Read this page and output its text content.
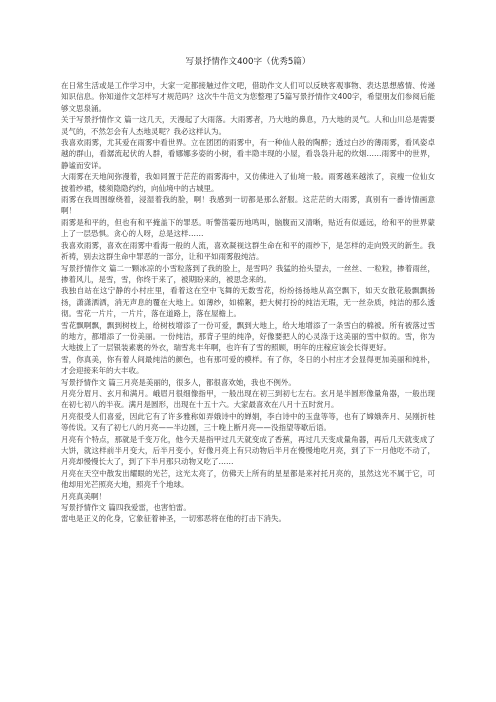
写景抒情作文400字（优秀5篇）

在日常生活或是工作学习中，大家一定都接触过作文吧，借助作文人们可以反映客观事物、表达思想感情、传递知识信息。你知道作文怎样写才规范吗？这次牛牛范文为您整理了5篇写景抒情作文400字，希望朋友们参阅后能够文思泉涌。

关于写景抒情作文 篇一这几天，天漫起了大雨落。大雨雾者，乃大地的鼻息，乃大地的灵气。人和山川总是需要灵气的，不然怎会有人杰地灵呢？我必这样认为。

我喜欢雨雾，尤其爱在雨雾中看世界。立在团团的雨雾中，有一种仙人般的陶醉；透过白沙的薄雨雾，看风姿卓越的群山，看潺流起伏的人群，看娜娜多姿的小树，看丰隐丰现的小屋，看袅袅升起的炊烟……雨雾中的世界，静谧而安详。

大雨雾在天地间弥漫着，我如同置于茫茫的雨雾海中，又仿佛进入了仙境一般。雨雾越来越浓了，哀瘦一位仙女披着纱裙，楼须隐隐约约，向仙境中的古城里。

雨雾在我周围缭绕着，浸湿着我的脸，啊！我感到一切都是那么舒服。这茫茫的大雨雾，真别有一番诗情画意啊！

雨雾是和平的，但也有和平掩盖下的罪恶。听警笛霎历地鸣叫，脑腹而又清晰，贴近有似遥远，给和平的世界蒙上了一层恐惧。贪心的人呀，总是这样……

我喜欢雨雾，喜欢在雨雾中看海一般的人流，喜欢凝视这群生命在和平的雨纱下，是怎样的走向毁灭的新生。我祈祷，别去这群生命中罪恶的一部分，让和平如雨雾般纯洁。

写景抒情作文 篇二一颗冰凉的小雪粒落到了我的脸上，是雪吗？我猛的抬头望去，一丝丝、一粒粒，掺着雨丝，掺着风儿，是雪，雪，你终于来了，被期盼来的，被思念来的。

我独自站在这宁静的小村庄里，看着这在空中飞舞的无数雪花，纷纷扬扬地从高空飘下，如天女散花般飘飘扬扬，潇潇洒洒，消无声息的覆在大地上。如薄纱，如棉絮，把大树打扮的纯洁无瑕，无一丝杂质，纯洁的那么透彻。雪花一片片，一片片，落在道路上，落在屋檐上。

雪花飘啊飘，飘到树枝上，给树枝增添了一份可爱，飘到大地上，给大地增添了一条雪白的棉被。所有被落过雪的地方，都增添了一份美丽。一份纯洁，那背子里的纯净，好像要把人的心灵涤于这美丽的雪中似的。雪，你为大地披上了一层银装素裹的外衣，瑞雪兆丰年啊，也许有了雪的照顾，明年的庄稼应该会长得更好。

雪，你真美，你有着人间最纯洁的颜色，也有那可爱的模样。有了你，冬日的小村庄才会显得更加美丽和纯朴，才会迎接来年的大丰收。

写景抒情作文 篇三月亮是美丽的，很多人，都很喜欢她，我也不例外。

月亮分眉月、玄月和满月。峨眉月很细像指甲，一般出现在初三到初七左右。玄月是半圆形像量角器，一般出现在初七初八的半夜。满月是圆形，出现在十五十六。大家最喜欢在八月十五时赏月。

月亮很受人们喜爱，因此它有了许多雅称如弄娥诗中的婵娟，李白诗中的玉盘等等，也有了嫦娥奔月、吴刚折桂等传说。又有了初七八的月亮——半边圆，三十晚上断月亮——没指望等歇后语。

月亮有个特点，那就是千变万化，他今天是指甲过几天就变成了香蕉，再过几天变成量角器，再后几天就变成了大饼，就这样前半月变大，后半月变小，好像月亮上有只动物后半月在慢慢地吃月亮，到了下一月他吃不动了，月亮却慢慢长大了，到了下半月那只动物又吃了……

月亮在天空中散发出耀眼的光芒，这光太亮了，仿佛天上所有的星星都是来衬托月亮的，虽然这光不属于它，可他却用光芒照亮大地，照亮千个地球。

月亮真美啊！

写景抒情作文 篇四我爱雷，也害怕雷。

雷电是正义的化身，它象征着神圣，一切邪恶将在他的打击下消失。
